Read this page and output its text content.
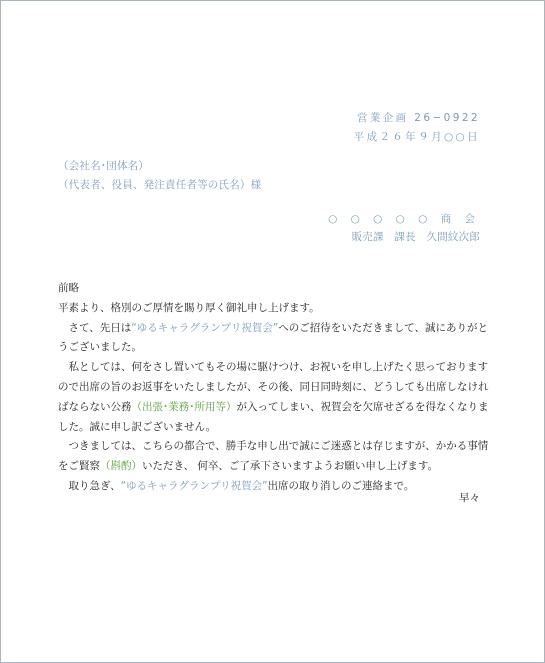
営業企画 26−0922
平成２６年９月○○日
（会社名･団体名）
（代表者、役員、発注責任者等の氏名）様
○ ○ ○ ○ ○ 商 会
販売課　課長　久間紋次郎

前略

平素より、格別のご厚情を賜り厚く御礼申し上げます。

さて、先日は“ゆるキャラグランプリ祝賀会”へのご招待をいただきまして、誠にありがとうございました。

私としては、何をさし置いてもその場に駆けつけ、お祝いを申し上げたく思っておりますので出席の旨のお返事をいたしましたが、その後、同日同時刻に、どうしても出席しなければならない公務（出張･業務･所用等）が入ってしまい、祝賀会を欠席せざるを得なくなりました。誠に申し訳ございません。

つきましては、こちらの都合で、勝手な申し出で誠にご迷惑とは存じますが、かかる事情をご賢察（斟酌）いただき、 何卒、ご了承下さいますようお願い申し上げます。

取り急ぎ、“ゆるキャラグランプリ祝賀会”出席の取り消しのご連絡まで。

早々
